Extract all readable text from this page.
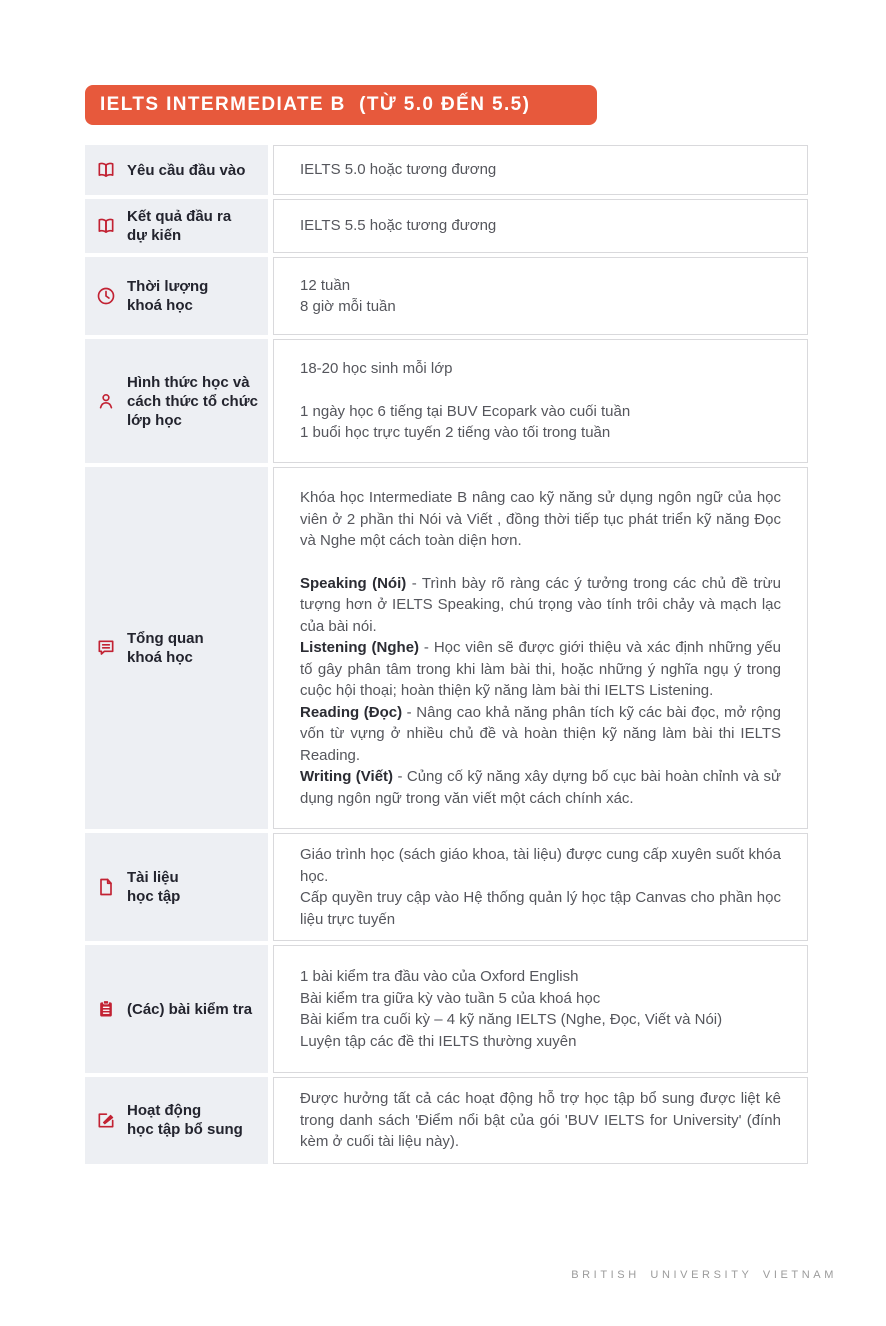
IELTS INTERMEDIATE B  (TỪ 5.0 ĐẾN 5.5)
Yêu cầu đầu vào	IELTS 5.0 hoặc tương đương
Kết quả đầu ra
dự kiến
IELTS 5.5 hoặc tương đương
Thời lượng
khoá học
12 tuần
8 giờ mỗi tuần
Hình thức học và
cách thức tổ chức
lớp học
18-20 học sinh mỗi lớp
1 ngày học 6 tiếng tại BUV Ecopark vào cuối tuần
1 buổi học trực tuyến 2 tiếng vào tối trong tuần
Tổng quan
khoá học
Khóa học Intermediate B nâng cao kỹ năng sử dụng ngôn ngữ của học viên ở 2 phần thi Nói và Viết , đồng thời tiếp tục phát triển kỹ năng Đọc và Nghe một cách toàn diện hơn.
Speaking (Nói) - Trình bày rõ ràng các ý tưởng trong các chủ đề trừu tượng hơn ở IELTS Speaking, chú trọng vào tính trôi chảy và mạch lạc của bài nói.
Listening (Nghe) - Học viên sẽ được giới thiệu và xác định những yếu tố gây phân tâm trong khi làm bài thi, hoặc những ý nghĩa ngụ ý trong cuộc hội thoại; hoàn thiện kỹ năng làm bài thi IELTS Listening.
Reading (Đọc) - Nâng cao khả năng phân tích kỹ các bài đọc, mở rộng vốn từ vựng ở nhiều chủ đề và hoàn thiện kỹ năng làm bài thi IELTS Reading.
Writing (Viết) - Củng cố kỹ năng xây dựng bố cục bài hoàn chỉnh và sử dụng ngôn ngữ trong văn viết một cách chính xác.
Tài liệu
học tập
Giáo trình học (sách giáo khoa, tài liệu) được cung cấp xuyên suốt khóa học.
Cấp quyền truy cập vào Hệ thống quản lý học tập Canvas cho phần học liệu trực tuyến
(Các) bài kiểm tra
1 bài kiểm tra đầu vào của Oxford English
Bài kiểm tra giữa kỳ vào tuần 5 của khoá học
Bài kiểm tra cuối kỳ – 4 kỹ năng IELTS (Nghe, Đọc, Viết và Nói)
Luyện tập các đề thi IELTS thường xuyên
Hoạt động
học tập bổ sung
Được hưởng tất cả các hoạt động hỗ trợ học tập bổ sung được liệt kê trong danh sách 'Điểm nổi bật của gói 'BUV IELTS for University' (đính kèm ở cuối tài liệu này).
BRITISH UNIVERSITY VIETNAM
